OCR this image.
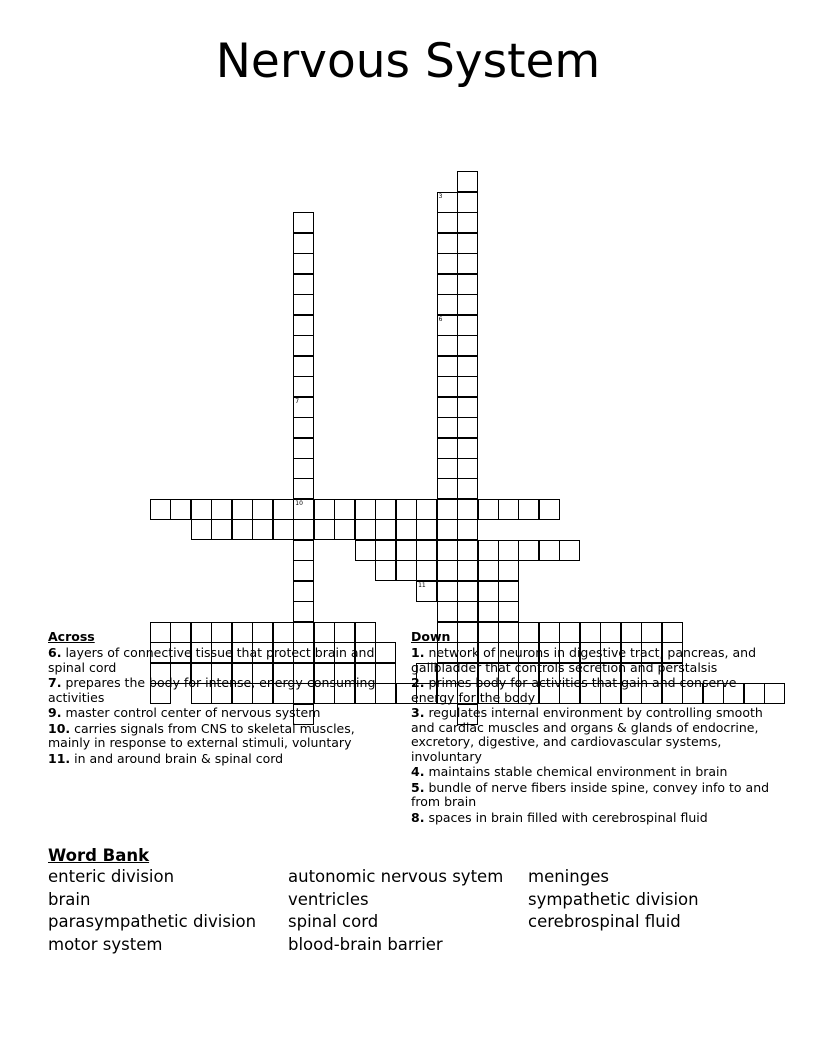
Nervous System
3
6
7
10
11
Across
6. layers of connective tissue that protect brain and spinal cord
7. prepares the body for intense, energy-consuming activities
9. master control center of nervous system
10. carries signals from CNS to skeletal muscles, mainly in response to external stimuli, voluntary
11. in and around brain & spinal cord
Down
1. network of neurons in digestive tract, pancreas, and gallbladder that controls secretion and perstalsis
2. primes body for activities that gain and conserve energy for the body
3. regulates internal environment by controlling smooth and cardiac muscles and organs & glands of endocrine, excretory, digestive, and cardiovascular systems, involuntary
4. maintains stable chemical environment in brain
5. bundle of nerve fibers inside spine, convey info to and from brain
8. spaces in brain filled with cerebrospinal fluid
Word Bank
enteric division	autonomic nervous sytem	meninges
brain	ventricles	sympathetic division
parasympathetic division	spinal cord	cerebrospinal fluid
motor system	blood-brain barrier
